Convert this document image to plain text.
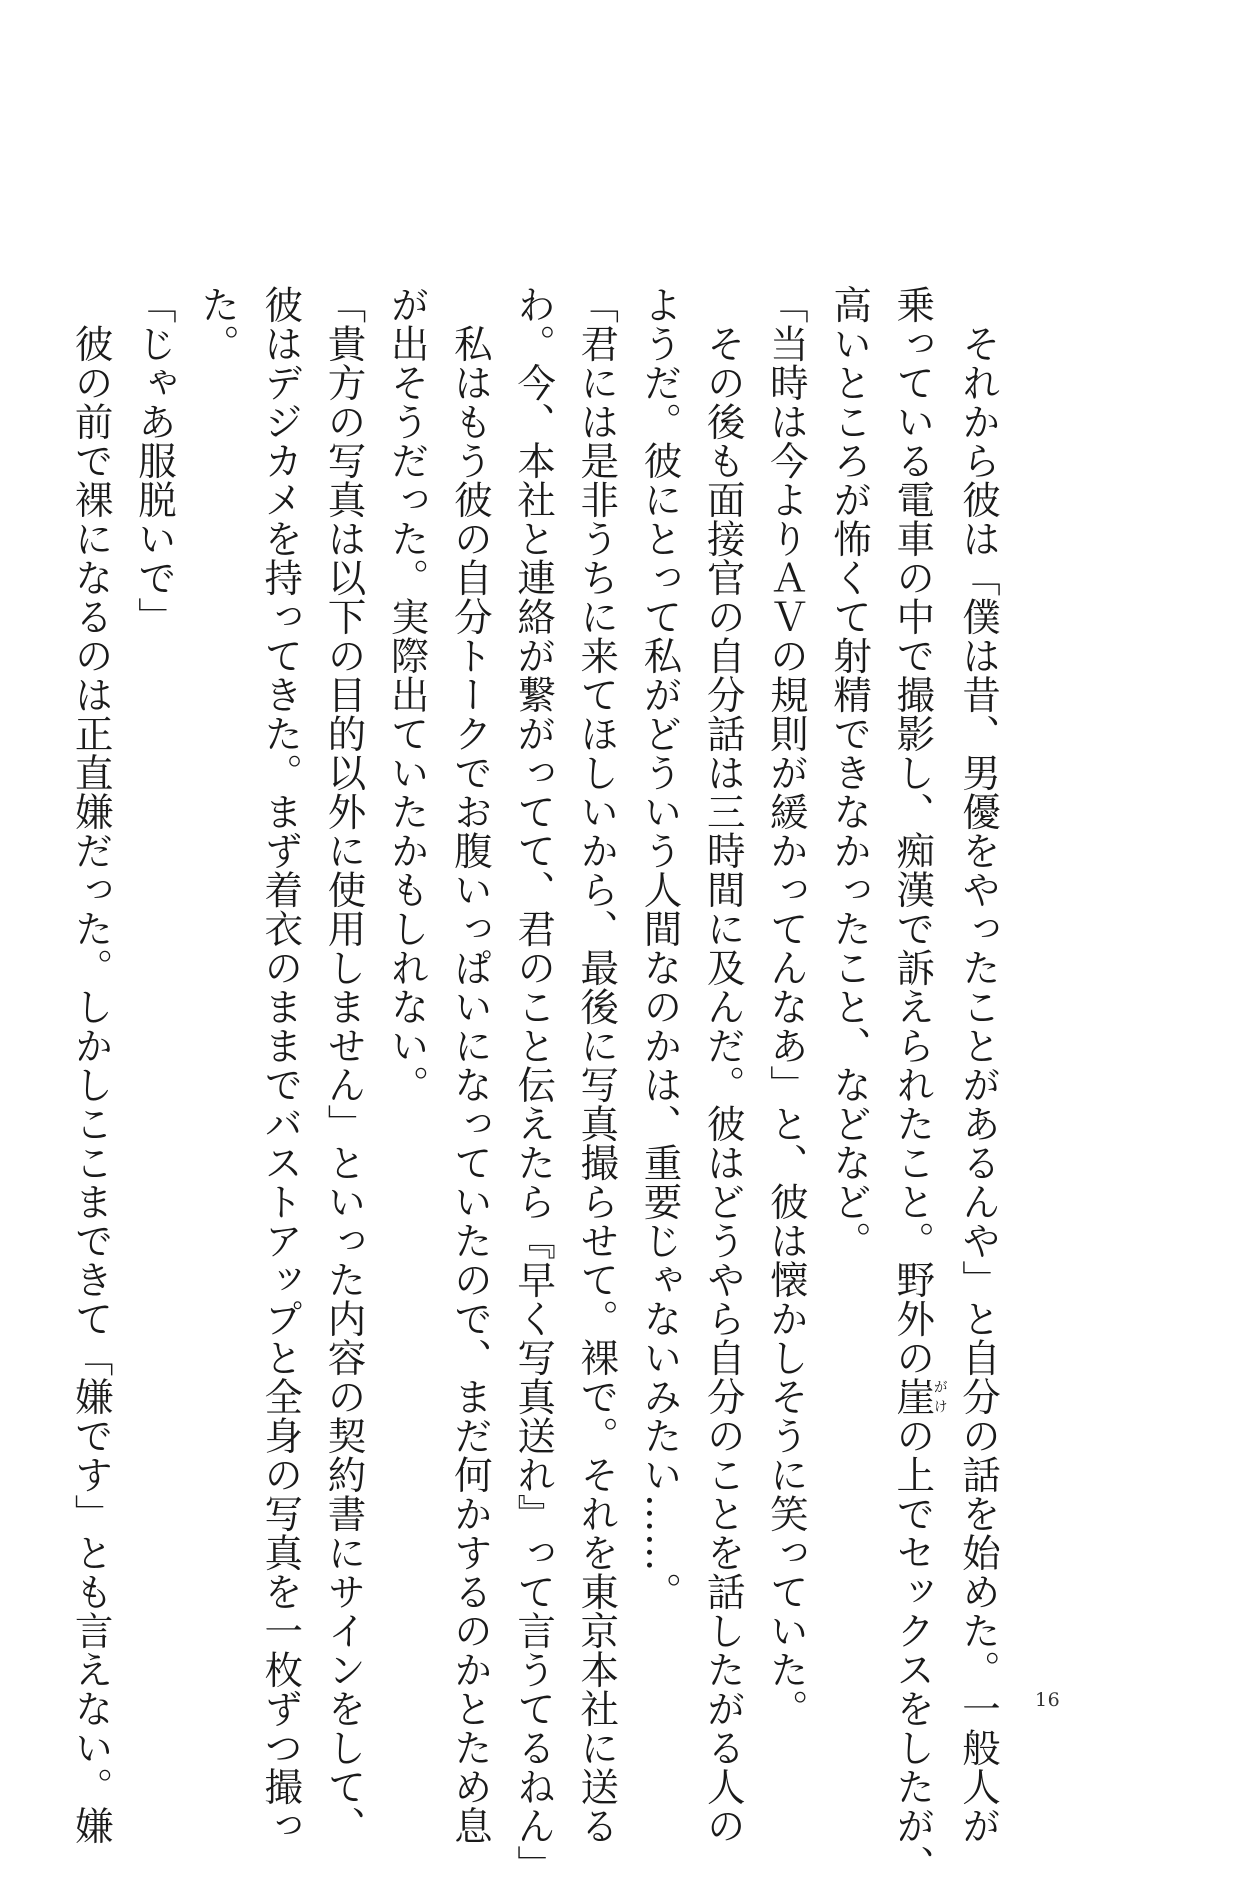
それから彼は「僕は昔、男優をやったことがあるんや」と自分の話を始めた。一般人が

乗っている電車の中で撮影し、痴漢で訴えられたこと。野外の崖がけの上でセックスをしたが、

高いところが怖くて射精できなかったこと、などなど。

「当時は今よりＡＶの規則が緩かってんなあ」と、彼は懐かしそうに笑っていた。

その後も面接官の自分話は三時間に及んだ。彼はどうやら自分のことを話したがる人の

ようだ。彼にとって私がどういう人間なのかは、重要じゃないみたい……。

「君には是非うちに来てほしいから、最後に写真撮らせて。裸で。それを東京本社に送る

わ。今、本社と連絡が繋がってて、君のこと伝えたら『早く写真送れ』って言うてるねん」

私はもう彼の自分トークでお腹いっぱいになっていたので、まだ何かするのかとため息

が出そうだった。実際出ていたかもしれない。

「貴方の写真は以下の目的以外に使用しません」といった内容の契約書にサインをして、

彼はデジカメを持ってきた。まず着衣のままでバストアップと全身の写真を一枚ずつ撮っ

た。

「じゃあ服脱いで」

彼の前で裸になるのは正直嫌だった。しかしここまできて「嫌です」とも言えない。嫌	16
